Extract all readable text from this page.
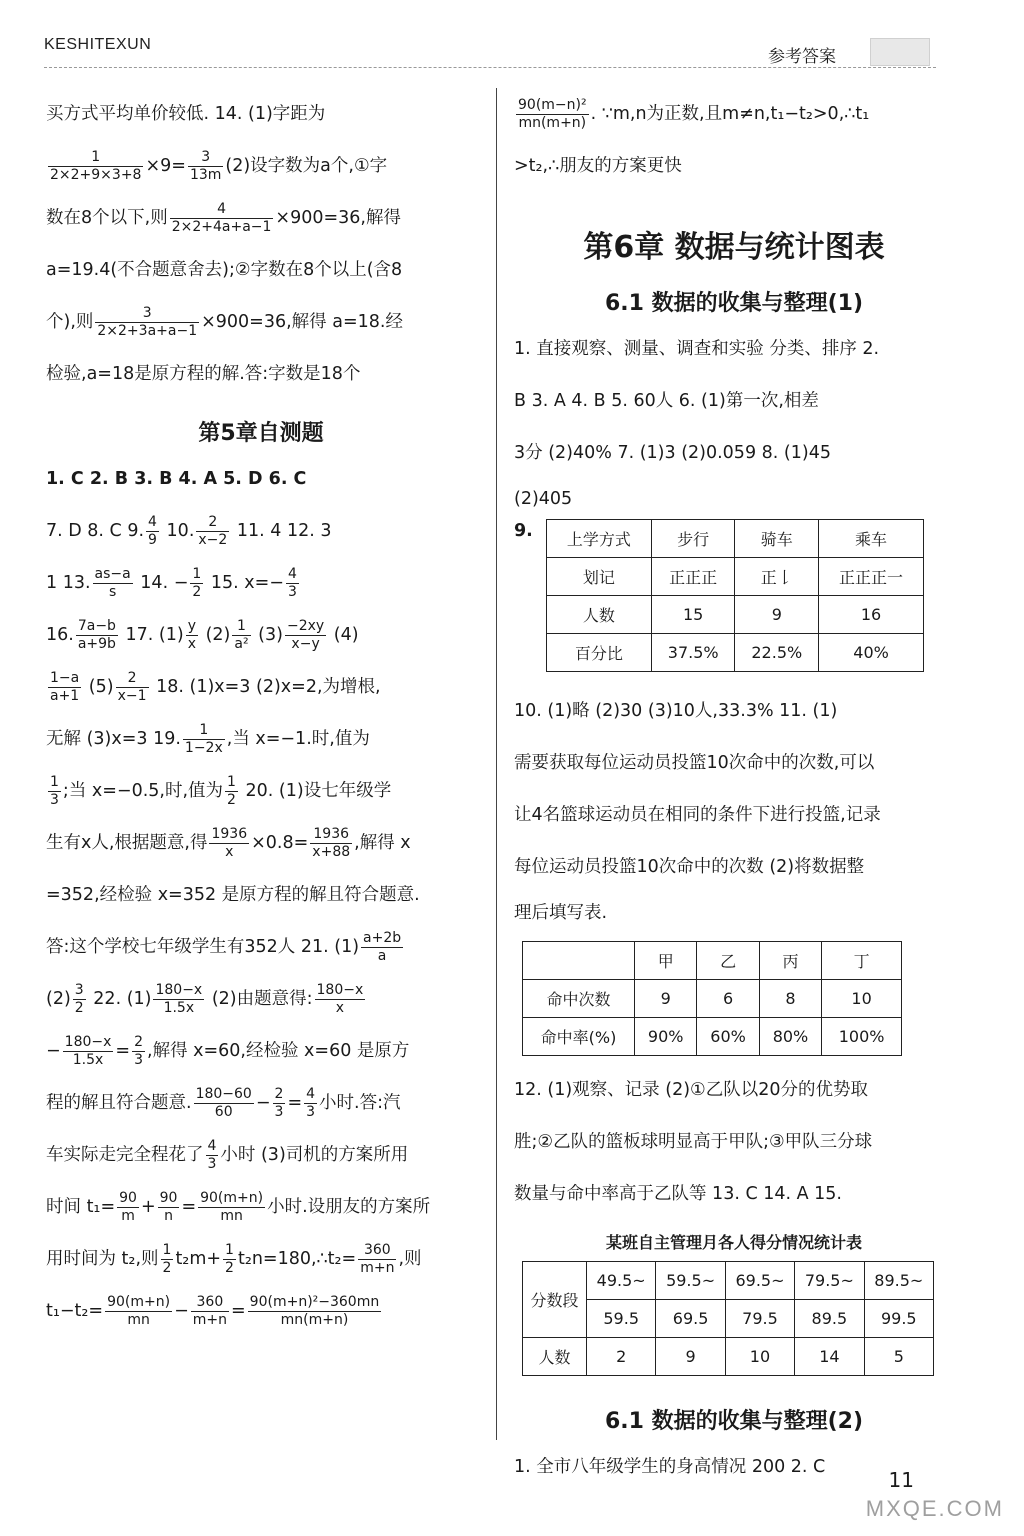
KESHITEXUN
参考答案
买方式平均单价较低. 14. (1)字距为
$\frac{1}{2\times 2+9\times 3+8} \times 9= \frac{3}{13m} (2)$设字数为a个,①字
数在8个以下,则 $\frac{4}{2\times 2+4a+a-1} \times 900=36$,解得
a=19.4(不合题意舍去);②字数在8个以上(含8
个),则 $\frac{3}{2\times 2+3a+a-1} \times 900=36$,解得 a=18.经
检验,a=18是原方程的解.答:字数是18个
第5章自测题
1. C 2. B 3. B 4. A 5. D 6. C
7. D 8. C 9. $\frac{4}{9} 10$. $\frac{2}{x-2} 11$. 4 12. 3
1 13. $\frac{as-a}{s} 14$. − $\frac{1}{2} 15$. $x=- \frac{4}{3}$
16. $\frac{7a-b}{a+9b} 17$. $(1) \frac{y}{x} (2) \frac{1}{\text{a²}} (3) \frac{-2xy}{x-y} (4)$
$\frac{1-a}{a+1} (5) \frac{2}{x-1} 18$. (1)x=3 (2)x=2,为增根,
无解 (3)x=3 19. $\frac{1}{1-2x}$ ,当 x=−1.时,值为
$\frac{1}{3}$ ;当 x=−0.5,时,值为 $\frac{1}{2} 20$. (1)设七年级学
生有x人,根据题意,得 $\frac{1936}{x} \times 0.8= \frac{1936}{x+88}$ ,解得 x
=352,经检验 x=352 是原方程的解且符合题意.
答:这个学校七年级学生有352人 21. $(1) \frac{a+2b}{a}$
$(2) \frac{3}{2} 22$. $(1) \frac{180-x}{1.5x} (2)$由题意得: $\frac{180-x}{x}$
− $\frac{180-x}{1.5x} = \frac{2}{3}$ ,解得 x=60,经检验 x=60 是原方
程的解且符合题意. $\frac{180-60}{60} - \frac{2}{3} = \frac{4}{3}$ 小时.答:汽
车实际走完全程花了 $\frac{4}{3}$ 小时 (3)司机的方案所用
时间 $t_1= \frac{90}{m} + \frac{90}{n} = \frac{90(m+n)}{mn}$ 小时.设朋友的方案所
用时间为 t₂,则 $\frac{1}{2} t_2m+ \frac{1}{2}$ t₂n=180,∴t₂= $\frac{360}{m+n}$ ,则
$t_1-t_2= \frac{90(m+n)}{mn} - \frac{360}{m+n} = \frac{\text{90(m+n)²−360mn}}{mn(m+n)}$
$\frac{\text{90(m−n)²}}{mn(m+n)}$ . ∵m,n为正数,且m≠n,t₁−t₂>0,∴t₁
>t₂,∴朋友的方案更快
第6章 数据与统计图表
6.1 数据的收集与整理(1)
1. 直接观察、测量、调查和实验 分类、排序 2.
B 3. A 4. B 5. 60人 6. (1)第一次,相差
3分 (2)40% 7. (1)3 (2)0.059 8. (1)45
(2)405
9. 上学方式	步行	骑车	乘车
划记	正正正	正𠄌	正正正一
人数	15	9	16
百分比	37.5%	22.5%	40%
10. (1)略 (2)30 (3)10人,33.3% 11. (1)
需要获取每位运动员投篮10次命中的次数,可以
让4名篮球运动员在相同的条件下进行投篮,记录
每位运动员投篮10次命中的次数 (2)将数据整
理后填写表.
	甲	乙	丙	丁
命中次数	9	6	8	10
命中率(%)	90%	60%	80%	100%
12. (1)观察、记录 (2)①乙队以20分的优势取
胜;②乙队的篮板球明显高于甲队;③甲队三分球
数量与命中率高于乙队等 13. C 14. A 15.
某班自主管理月各人得分情况统计表
分数段	49.5~	59.5~	69.5~	79.5~	89.5~
	59.5	69.5	79.5	89.5	99.5
人数	2	9	10	14	5
6.1 数据的收集与整理(2)
1. 全市八年级学生的身高情况 200 2. C
11
MXQE.COM
